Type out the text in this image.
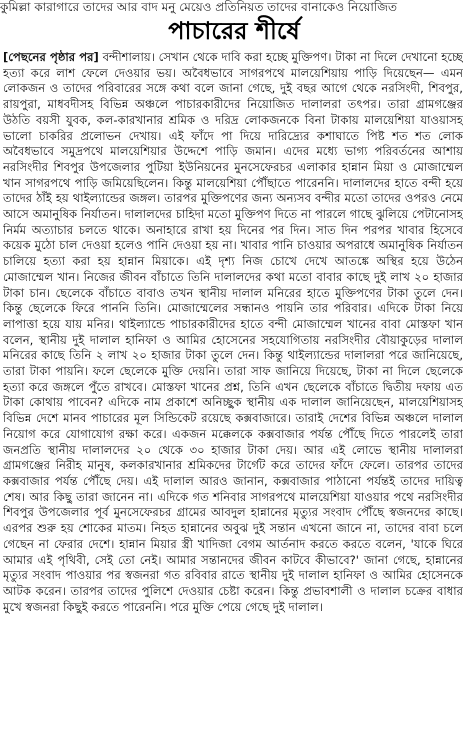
কুমিল্লা কারাগারে তাদের আর বাদ মনু মেয়েও প্রতিনিয়ত তাদের বানাকেও নিয়োজিত
পাচারের শীর্ষে

[পেছনের পৃষ্ঠার পর] বন্দীশালায়। সেখান থেকে দাবি করা হচ্ছে মুক্তিপণ। টাকা না দিলে দেখানো হচ্ছে হত্যা করে লাশ ফেলে দেওয়ার ভয়। অবৈধভাবে সাগরপথে মালয়েশিয়ায় পাড়ি দিয়েছেন— এমন লোকজন ও তাদের পরিবারের সঙ্গে কথা বলে জানা গেছে, দুই বছর আগে থেকে নরসিংদী, শিবপুর, রায়পুরা, মাধবদীসহ বিভিন্ন অঞ্চলে পাচারকারীদের নিয়োজিত দালালরা তৎপর। তারা গ্রামগঞ্জের উঠতি বয়সী যুবক, কল-কারখানার শ্রমিক ও দরিদ্র লোকজনকে বিনা টাকায় মালয়েশিয়া যাওয়াসহ ভালো চাকরির প্রলোভন দেখায়। এই ফাঁদে পা দিয়ে দারিদ্র্যের কশাঘাতে পিষ্ট শত শত লোক অবৈধভাবে সমুদ্রপথে মালয়েশিয়ার উদ্দেশে পাড়ি জমান। এদের মধ্যে ভাগ্য পরিবর্তনের আশায় নরসিংদীর শিবপুর উপজেলার পুটিয়া ইউনিয়নের মুনসেফেরচর এলাকার হান্নান মিয়া ও মোজাম্মেল খান সাগরপথে পাড়ি জমিয়েছিলেন। কিন্তু মালয়েশিয়া পৌঁছাতে পারেননি। দালালদের হাতে বন্দী হয়ে তাদের ঠাঁই হয় থাইল্যান্ডের জঙ্গল। তারপর মুক্তিপণের জন্য অন্যসব বন্দীর মতো তাদের ওপরও নেমে আসে অমানুষিক নির্যাতন। দালালদের চাহিদা মতো মুক্তিপণ দিতে না পারলে গাছে ঝুলিয়ে পেটানোসহ নির্মম অত্যাচার চলতে থাকে। অনাহারে রাখা হয় দিনের পর দিন। সাত দিন পরপর খাবার হিসেবে কয়েক মুঠো চাল দেওয়া হলেও পানি দেওয়া হয় না। খাবার পানি চাওয়ার অপরাধে অমানুষিক নির্যাতন চালিয়ে হত্যা করা হয় হান্নান মিয়াকে। এই দৃশ্য নিজ চোখে দেখে আতঙ্কে অস্থির হয়ে উঠেন মোজাম্মেল খান। নিজের জীবন বাঁচাতে তিনি দালালদের কথা মতো বাবার কাছে দুই লাখ ২০ হাজার টাকা চান। ছেলেকে বাঁচাতে বাবাও তখন স্থানীয় দালাল মনিরের হাতে মুক্তিপণের টাকা তুলে দেন। কিন্তু ছেলেকে ফিরে পাননি তিনি। মোজাম্মেলের সন্ধানও পায়নি তার পরিবার। এদিকে টাকা নিয়ে লাপাত্তা হয়ে যায় মনির। থাইল্যান্ডে পাচারকারীদের হাতে বন্দী মোজাম্মেল খানের বাবা মোস্তফা খান বলেন, স্থানীয় দুই দালাল হানিফা ও আমির হোসেনের সহযোগিতায় নরসিংদীর বৌয়াকুড়ের দালাল মনিরের কাছে তিনি ২ লাখ ২০ হাজার টাকা তুলে দেন। কিন্তু থাইল্যান্ডের দালালরা পরে জানিয়েছে, তারা টাকা পায়নি। ফলে ছেলেকে মুক্তি দেয়নি। তারা সাফ জানিয়ে দিয়েছে, টাকা না দিলে ছেলেকে হত্যা করে জঙ্গলে পুঁতে রাখবে। মোস্তফা খানের প্রশ্ন, তিনি এখন ছেলেকে বাঁচাতে দ্বিতীয় দফায় এত টাকা কোথায় পাবেন? এদিকে নাম প্রকাশে অনিচ্ছুক স্থানীয় এক দালাল জানিয়েছেন, মালয়েশিয়াসহ বিভিন্ন দেশে মানব পাচারের মূল সিন্ডিকেট রয়েছে কক্সবাজারে। তারাই দেশের বিভিন্ন অঞ্চলে দালাল নিয়োগ করে যোগাযোগ রক্ষা করে। একজন মক্কেলকে কক্সবাজার পর্যন্ত পৌঁছে দিতে পারলেই তারা জনপ্রতি স্থানীয় দালালদের ২০ থেকে ৩০ হাজার টাকা দেয়। আর এই লোভে স্থানীয় দালালরা গ্রামগঞ্জের নিরীহ মানুষ, কলকারখানার শ্রমিকদের টার্গেট করে তাদের ফাঁদে ফেলে। তারপর তাদের কক্সবাজার পর্যন্ত পৌঁছে দেয়। এই দালাল আরও জানান, কক্সবাজার পাঠানো পর্যন্তই তাদের দায়িত্ব শেষ। আর কিছু তারা জানেন না। এদিকে গত শনিবার সাগরপথে মালয়েশিয়া যাওয়ার পথে নরসিংদীর শিবপুর উপজেলার পূর্ব মুনসেফেরচর গ্রামের আবদুল হান্নানের মৃত্যুর সংবাদ পৌঁছে স্বজনদের কাছে। এরপর শুরু হয় শোকের মাতম। নিহত হান্নানের অবুঝ দুই সন্তান এখনো জানে না, তাদের বাবা চলে গেছেন না ফেরার দেশে। হান্নান মিয়ার স্ত্রী খাদিজা বেগম আর্তনাদ করতে করতে বলেন, 'যাকে ঘিরে আমার এই পৃথিবী, সেই তো নেই। আমার সন্তানদের জীবন কাটবে কীভাবে?' জানা গেছে, হান্নানের মৃত্যুর সংবাদ পাওয়ার পর স্বজনরা গত রবিবার রাতে স্থানীয় দুই দালাল হানিফা ও আমির হোসেনকে আটক করেন। তারপর তাদের পুলিশে দেওয়ার চেষ্টা করেন। কিন্তু প্রভাবশালী ও দালাল চক্রের বাধার মুখে স্বজনরা কিছুই করতে পারেননি। পরে মুক্তি পেয়ে গেছে দুই দালাল।
